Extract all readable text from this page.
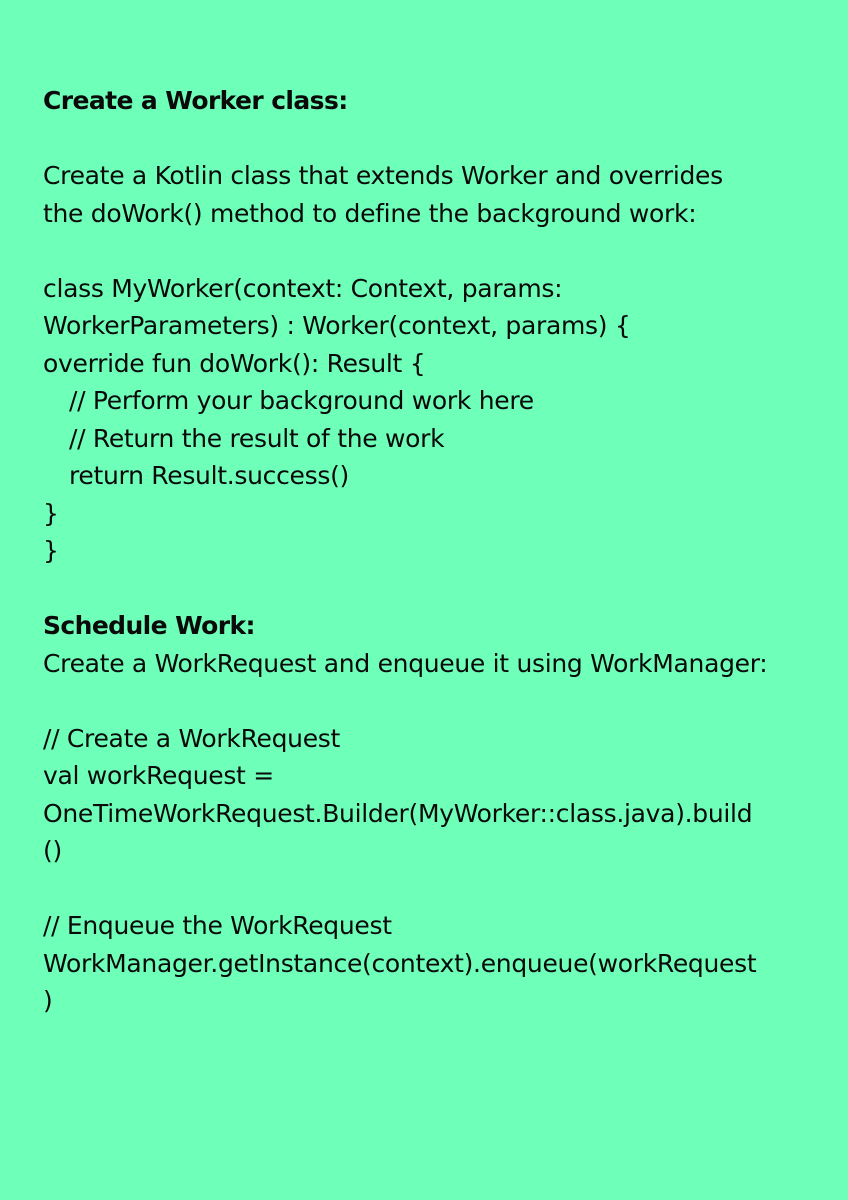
Create a Worker class:
Create a Kotlin class that extends Worker and overrides
the doWork() method to define the background work:
class MyWorker(context: Context, params:
WorkerParameters) : Worker(context, params) {
override fun doWork(): Result {
// Perform your background work here
// Return the result of the work
return Result.success()
}
}
Schedule Work:
Create a WorkRequest and enqueue it using WorkManager:
// Create a WorkRequest
val workRequest =
OneTimeWorkRequest.Builder(MyWorker::class.java).build
()
// Enqueue the WorkRequest
WorkManager.getInstance(context).enqueue(workRequest
)
